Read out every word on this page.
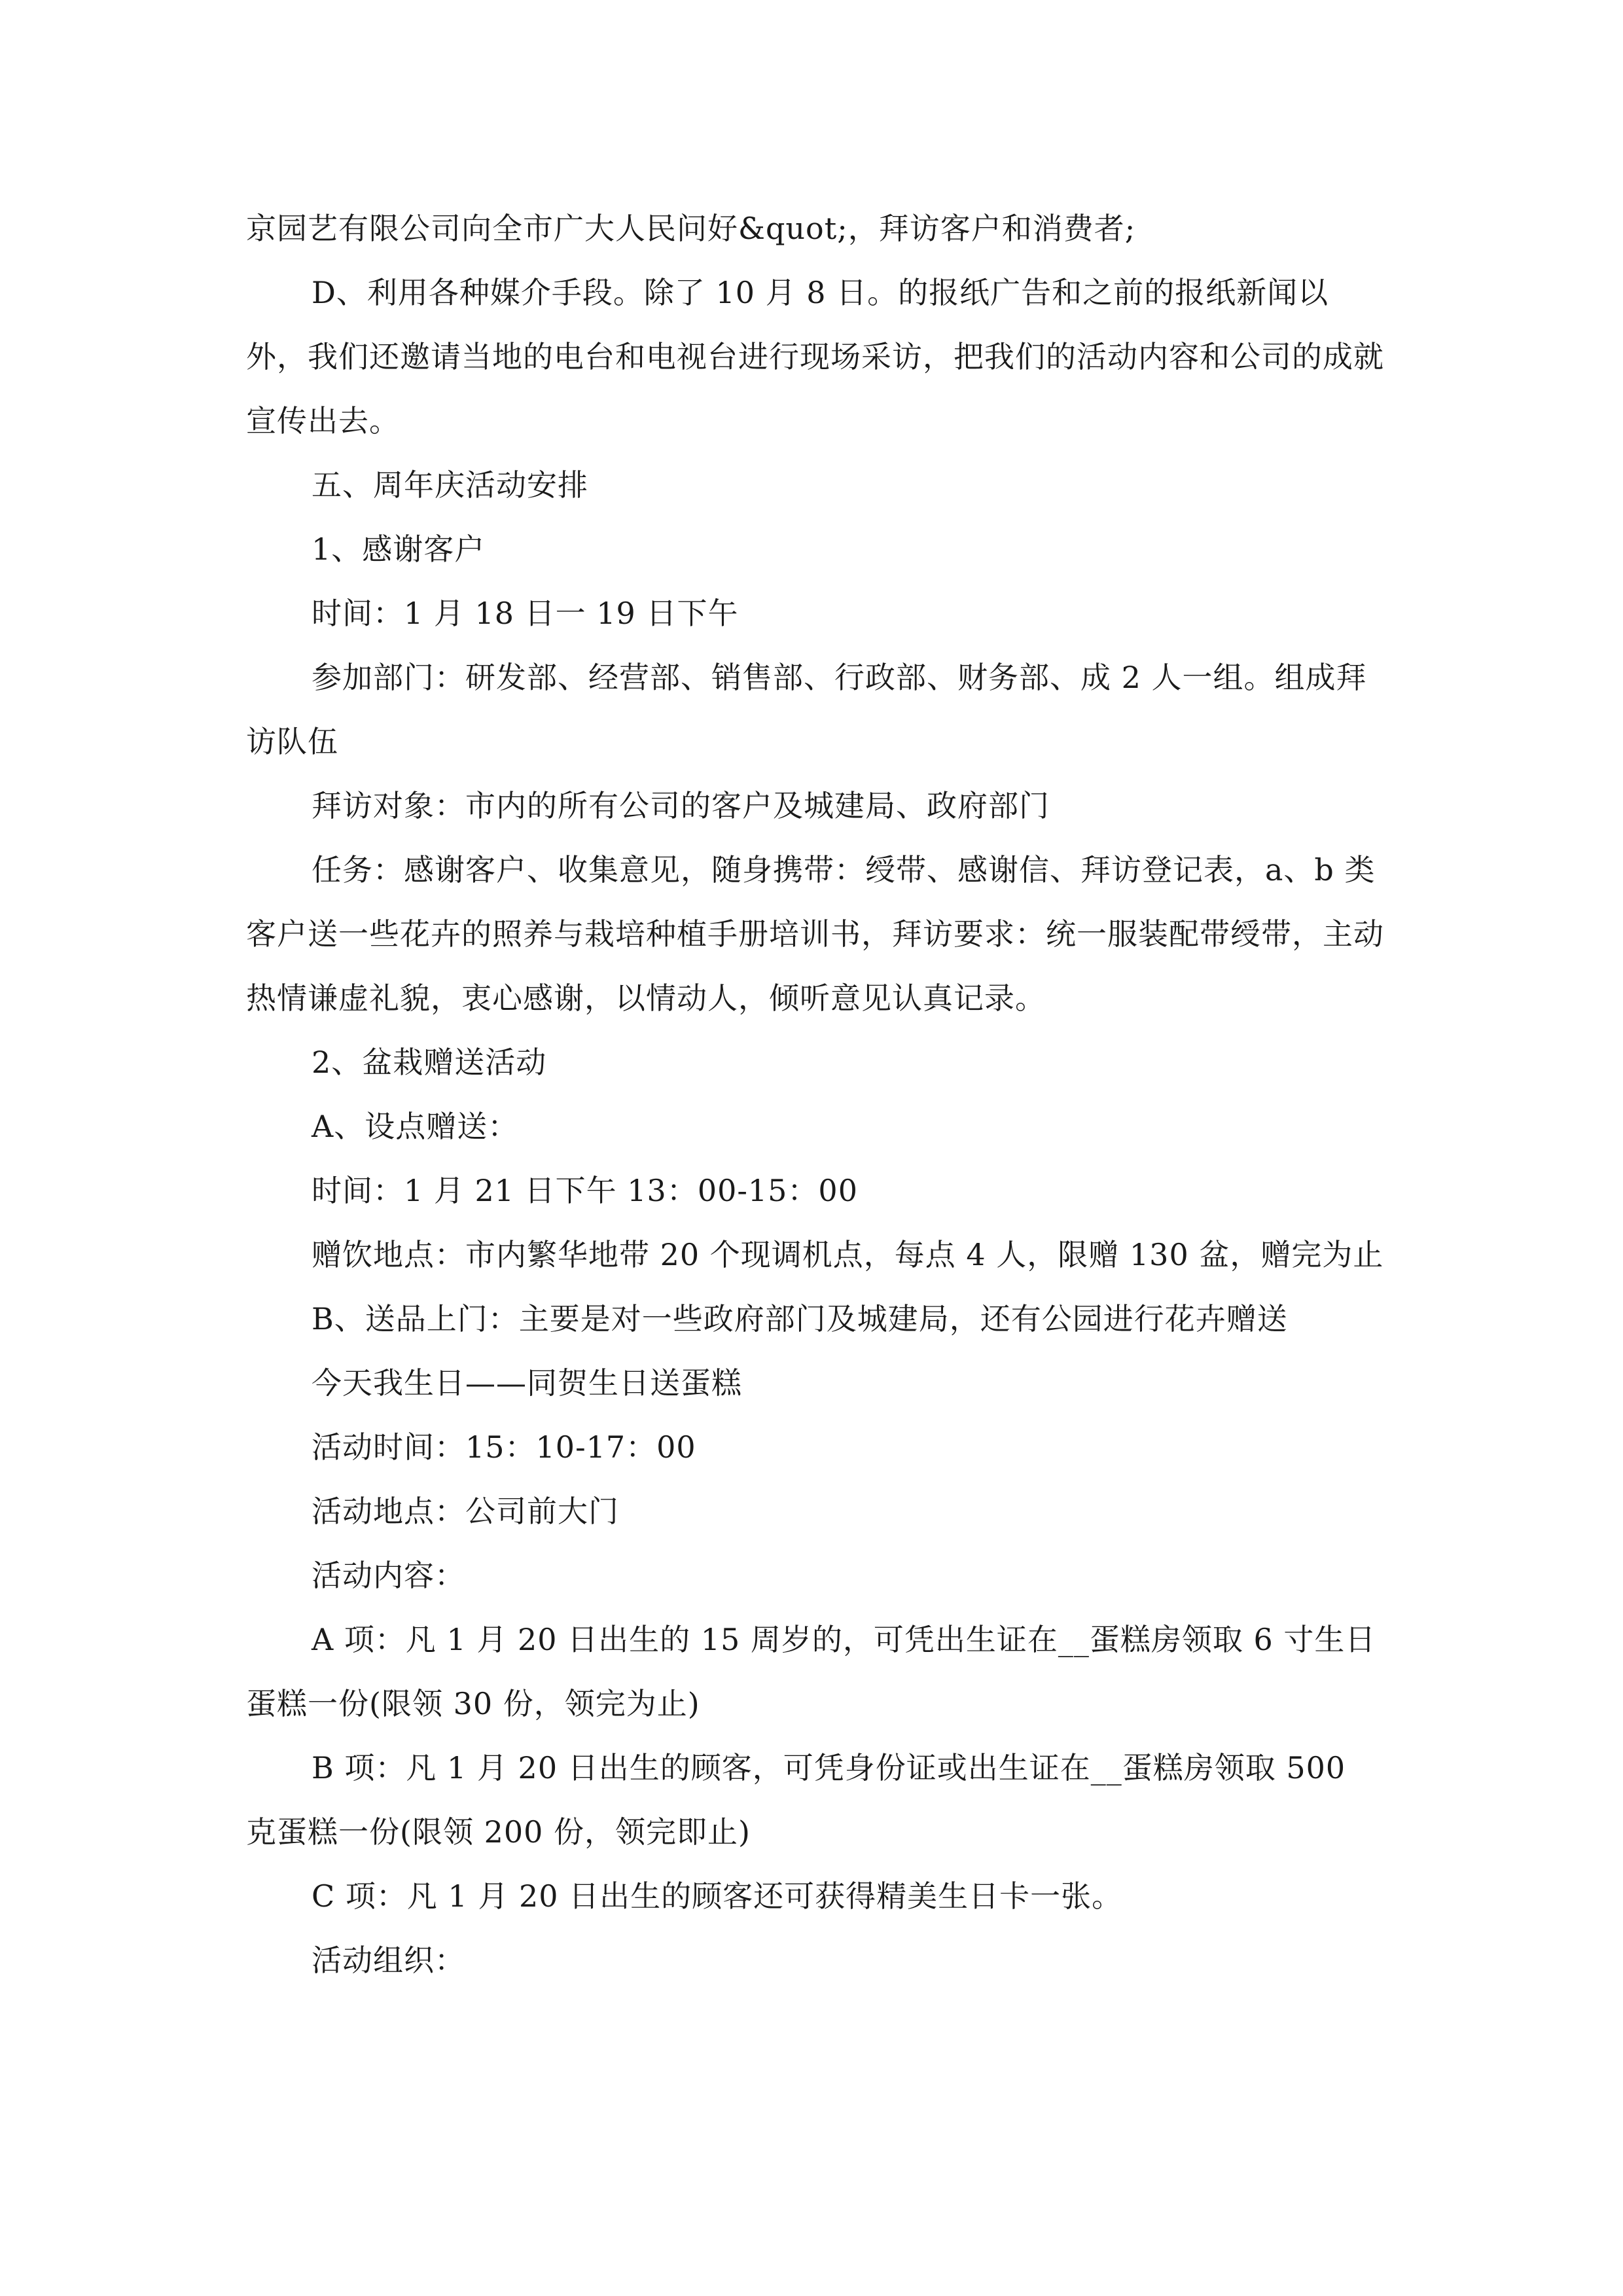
京园艺有限公司向全市广大人民问好&quot;，拜访客户和消费者;

D、利用各种媒介手段。除了 10 月 8 日。的报纸广告和之前的报纸新闻以外，我们还邀请当地的电台和电视台进行现场采访，把我们的活动内容和公司的成就宣传出去。

五、周年庆活动安排

1、感谢客户

时间：1 月 18 日一 19 日下午

参加部门：研发部、经营部、销售部、行政部、财务部、成 2 人一组。组成拜访队伍

拜访对象：市内的所有公司的客户及城建局、政府部门

任务：感谢客户、收集意见，随身携带：绶带、感谢信、拜访登记表，a、b 类客户送一些花卉的照养与栽培种植手册培训书，拜访要求：统一服装配带绶带，主动热情谦虚礼貌，衷心感谢，以情动人，倾听意见认真记录。

2、盆栽赠送活动

A、设点赠送：

时间：1 月 21 日下午 13：00-15：00

赠饮地点：市内繁华地带 20 个现调机点，每点 4 人，限赠 130 盆，赠完为止

B、送品上门：主要是对一些政府部门及城建局，还有公园进行花卉赠送

今天我生日——同贺生日送蛋糕

活动时间：15：10-17：00

活动地点：公司前大门

活动内容：

A 项：凡 1 月 20 日出生的 15 周岁的，可凭出生证在__蛋糕房领取 6 寸生日蛋糕一份(限领 30 份，领完为止)

B 项：凡 1 月 20 日出生的顾客，可凭身份证或出生证在__蛋糕房领取 500 克蛋糕一份(限领 200 份，领完即止)

C 项：凡 1 月 20 日出生的顾客还可获得精美生日卡一张。

活动组织：
